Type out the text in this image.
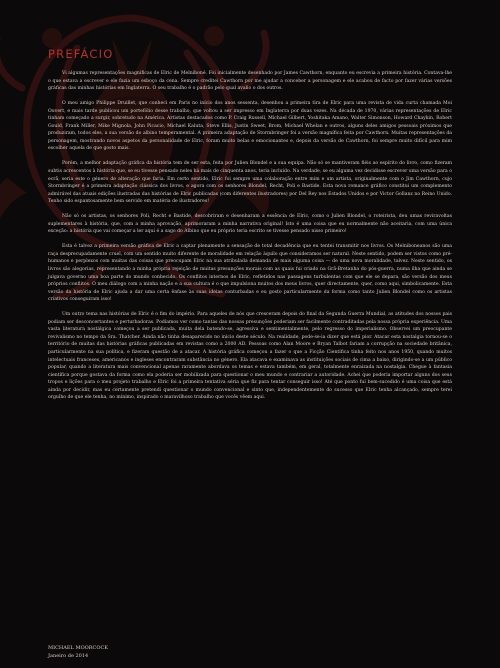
PREFÁCIO

Vi algumas representações magníficas de Elric de Melniboné. Foi inicialmente desenhado por James Cawthorn, enquanto eu escrevia a primeira história. Contava-lhe o que estava a escrever e ele fazia um esboço da cena. Sempre creditei Cawthorn por me ajudar a conceber a personagem e ele acabou de facto por fazer várias versões gráficas das minhas histórias em Inglaterra. O seu trabalho é o padrão pelo qual avalio o dos outros.

O meu amigo Philippe Druillet, que conheci em Paris no início dos anos sessenta, desenhou a primeira tira de Elric para uma revista de vida curta chamada Moi Ouvert, e mais tarde publicou um portefólio desse trabalho, que voltou a ser impresso em Inglaterra por duas vezes. Na década de 1970, várias representações de Elric tinham começado a surgir, sobretudo na América. Artistas destacados como P. Craig Russell, Michael Gilbert, Yoshitaka Amano, Walter Simonson, Howard Chaykin, Robert Gould, Frank Miller, Mike Mignola, John Picacio, Michael Kaluta, Steve Ellis, Justin Sweet, Brom, Michael Whelan e outros, alguns deles amigos pessoais próximos que produziram, todos eles, a sua versão do albino temperamental. A primeira adaptação de Stormbringer foi a versão magnífica feita por Cawthorn. Muitas representações da personagem, mostrando novos aspetos da personalidade de Elric, foram muito belas e emocionantes e, depois da versão de Cawthorn, foi sempre muito difícil para mim escolher aquela de que gosto mais.

Porém, a melhor adaptação gráfica da história tem de ser esta, feita por Julien Blondel e a sua equipa. Não só se mantiveram fiéis ao espírito do livro, como fizeram subtis acrescentos à história que, se eu tivesse pensado neles há mais de cinquenta anos, teria incluído. Na verdade, se eu alguma vez decidisse escrever uma versão para o ecrã, seria este o género de alteração que faria. Em certo sentido, Elric foi sempre uma colaboração entre mim e um artista, originalmente com o Jim Cawthorn, cujo Stormbringer é a primeira adaptação clássica dos livros, e agora com os senhores Blondel, Recht, Poli e Bastide. Esta nova romance gráfico constitui um complemento admirável das atuais edições ilustradas das histórias de Elric publicadas (com diferentes ilustradores) por Del Rey nos Estados Unidos e por Victor Gollanz no Reino Unido. Tenho sido espantosamente bem servido em matéria de ilustradores!

Não só os artistas, os senhores Poli, Recht e Bastide, descobriram e desenharam a essência de Elric, como o Julien Blondel, o roteirista, deu umas reviravoltas suplementares à história, que, com a minha aprovação, aprimoraram a minha narrativa original! Isto é uma coisa que eu normalmente não aceitaria, com uma única exceção: a história que vai começar a ler aqui é a sago do Albino que eu próprio teria escrito se tivesse pensado nisso primeiro!

Esta é talvez a primeira versão gráfica de Elric a captar plenamente a sensação de total decadência que eu tentei transmitir nos livros. Os Melniboneanos são uma raça desprecupadamente cruel, com um sentido muito diferente de moralidade em relação àquilo que consideramos ser natural. Neste sentido, podem ser vistos como pré-humanos e perplexos com muitas das coisas que preocupam Elric na sua atribulada demanda de mais alguma coisa — de uma nova moralidade, talvez. Neste sentido, os livros são alegorias, representando a minha própria rejeição de muitas presunções morais com as quais fui criado na Grã-Bretanha do pós-guerra, numa ilha que ainda se julgava governo uma boa parte do mundo conhecido. Os conflitos internos de Elric, refletidos nas passagens turbulentas com que ele se depara, são versão dos meus próprios conflitos. O meu diálogo com a minha nação e a sua cultura é o que impulsiona muitos dos meus livros, quer directamente, quer, como aqui, simbolicamente. Esta versão da história de Elric ajuda a dar uma certa ênfase às suas ideias conturbadas e eu gosto particularmente da forma como tanto Julien Blondel como os artistas criativos conseguiram isso!

Um outro tema nas histórias de Elric é o fim do império. Para aqueles de nós que cresceram depois do final da Segunda Guerra Mundial, as atitudes dos nossos pais podiam ser desconcertantes e perturbadoras. Podíamos ver como tantas das nossas presunções poderiam ser facilmente contraditadas pela nossa própria experiência. Uma vasta literatura nostálgica começou a ser publicada, muita dela batendo-se, agressiva e sentimentalmente, pelo regresso do imperialismo. Observei um preocupante revivalismo no tempo da Sra. Thatcher. Ainda não tinha desaparecido no início deste século. Na realidade, pode-se-ia dizer que está pior. Atacar esta nostalgia tornou-se o território de muitas das histórias gráficas publicadas em revistas como a 2000 AD. Pessoas como Alan Moore e Bryan Talbot fariam a corrupção na sociedade britânica, particularmente na sua política, e fizeram questão de a atacar. A história gráfica começou a fazer o que a Ficção Científica tinha feito nos anos 1950, quando muitos intelectuais franceses, americanos e ingleses encontraram substância no género. Ela atacava e examinava as instituições sociais de cima a baixo, dirigindo-se a um público popular, quando a literatura mais convencional apenas raramente abordava os temas e estava também, em geral, totalmente enraizada na nostalgia. Chegue à fantasia científica porque gostava da forma como ela poderia ser mobilizada para questionar o meu mundo e contrariar a autoridade. Achei que poderia importar alguns dos seus tropos e lições para o meu projeto trabalho e Elric foi a primeira tentativa séria que fiz para tentar conseguir isso! Até que ponto fui bem-sucedido é uma coisa que está ainda por decidir, mas eu certamente pretendi questionar o mundo convencional e sinto que, independentemente do sucesso que Elric tenha alcançado, sempre terei orgulho de que ele tenha, no mínimo, inspirado o maravilhoso trabalho que vocês vêem aqui.

MICHAEL MOORCOCK
Janeiro de 2014
